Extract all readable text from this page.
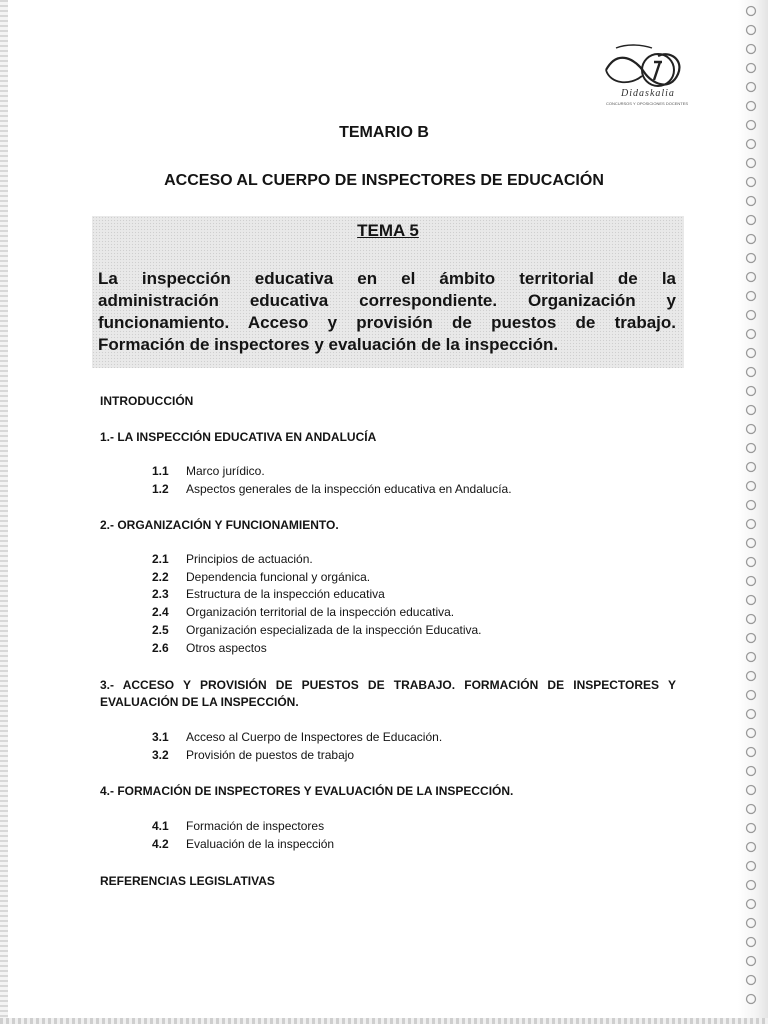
Didaskalia
CONCURSOS Y OPOSICIONES DOCENTES
TEMARIO B
ACCESO AL CUERPO DE INSPECTORES DE EDUCACIÓN
TEMA 5
La inspección educativa en el ámbito territorial de la
administración educativa correspondiente. Organización y
funcionamiento. Acceso y provisión de puestos de trabajo.
Formación de inspectores y evaluación de la inspección.
INTRODUCCIÓN
1.- LA INSPECCIÓN EDUCATIVA EN ANDALUCÍA
1.1 Marco jurídico.
1.2 Aspectos generales de la inspección educativa en Andalucía.
2.- ORGANIZACIÓN Y FUNCIONAMIENTO.
2.1 Principios de actuación.
2.2 Dependencia funcional y orgánica.
2.3 Estructura de la inspección educativa
2.4 Organización territorial de la inspección educativa.
2.5 Organización especializada de la inspección Educativa.
2.6 Otros aspectos
3.- ACCESO Y PROVISIÓN DE PUESTOS DE TRABAJO. FORMACIÓN DE INSPECTORES Y
EVALUACIÓN DE LA INSPECCIÓN.
3.1 Acceso al Cuerpo de Inspectores de Educación.
3.2 Provisión de puestos de trabajo
4.- FORMACIÓN DE INSPECTORES Y EVALUACIÓN DE LA INSPECCIÓN.
4.1 Formación de inspectores
4.2 Evaluación de la inspección
REFERENCIAS LEGISLATIVAS
